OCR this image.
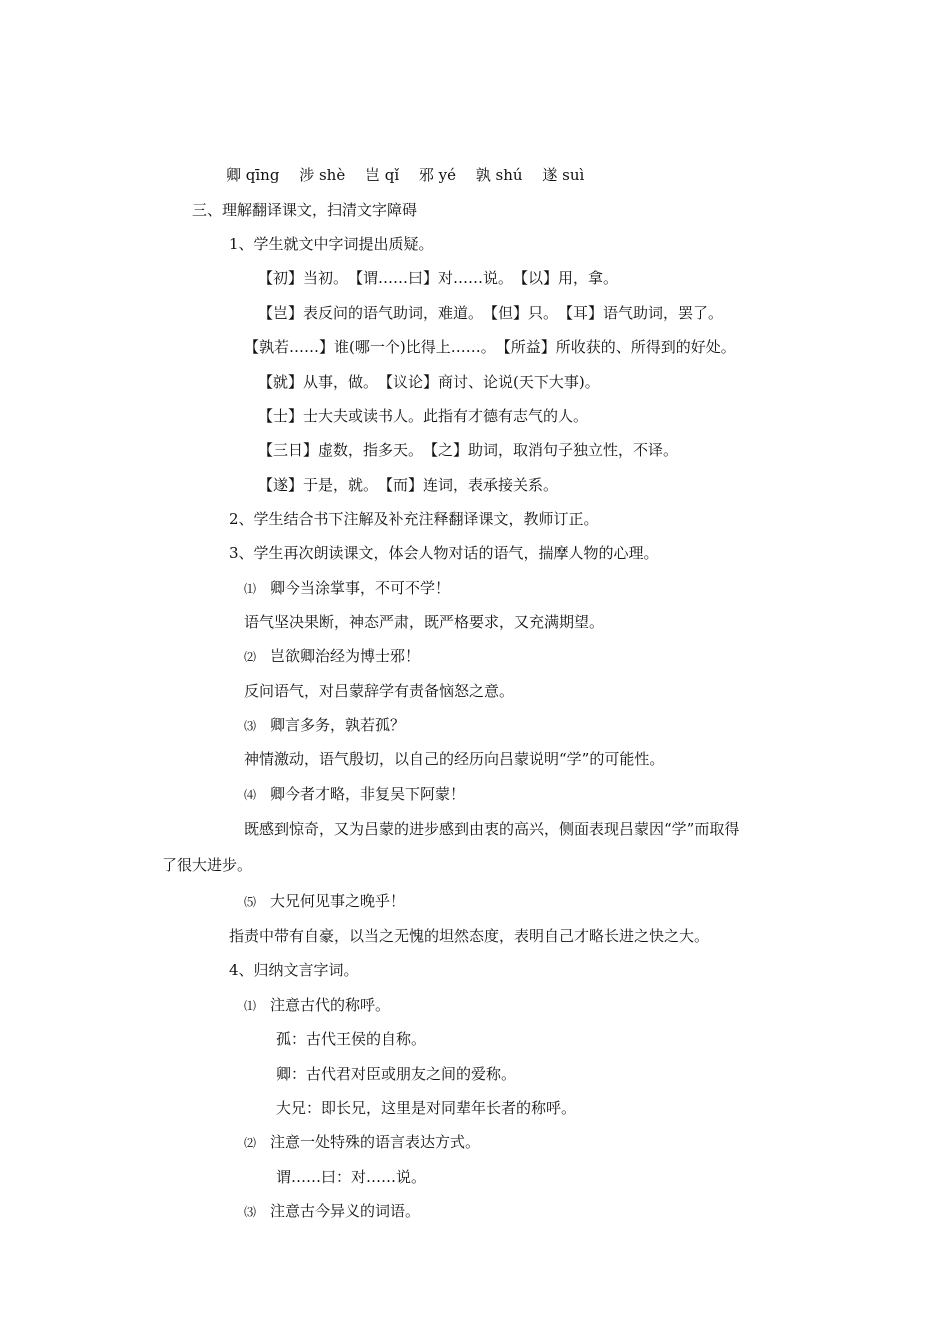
卿 qīng　 涉 shè　 岂 qǐ　 邪 yé　 孰 shú　 遂 suì
三、理解翻译课文，扫清文字障碍
1、学生就文中字词提出质疑。
【初】当初。　【谓……曰】对……说。　【以】用，拿。
【岂】表反问的语气助词，难道。　【但】只。　【耳】语气助词，罢了。
【孰若……】谁(哪一个)比得上……。　【所益】所收获的、所得到的好处。
【就】从事，做。　【议论】商讨、论说(天下大事)。
【士】士大夫或读书人。此指有才德有志气的人。
【三日】虚数，指多天。　【之】助词，取消句子独立性，不译。
【遂】于是，就。　【而】连词，表承接关系。
2、学生结合书下注解及补充注释翻译课文，教师订正。
3、学生再次朗读课文，体会人物对话的语气，揣摩人物的心理。
⑴ 卿今当涂掌事，不可不学！
语气坚决果断，神态严肃，既严格要求，又充满期望。
⑵ 岂欲卿治经为博士邪！
反问语气，对吕蒙辞学有责备恼怒之意。
⑶ 卿言多务，孰若孤？
神情激动，语气殷切，以自己的经历向吕蒙说明“学”的可能性。
⑷ 卿今者才略，非复吴下阿蒙！
既感到惊奇，又为吕蒙的进步感到由衷的高兴，侧面表现吕蒙因“学”而取得
了很大进步。
⑸ 大兄何见事之晚乎！
指责中带有自豪，以当之无愧的坦然态度，表明自己才略长进之快之大。
4、归纳文言字词。
⑴ 注意古代的称呼。
孤：古代王侯的自称。
卿：古代君对臣或朋友之间的爱称。
大兄：即长兄，这里是对同辈年长者的称呼。
⑵ 注意一处特殊的语言表达方式。
谓……曰：对……说。
⑶ 注意古今异义的词语。
